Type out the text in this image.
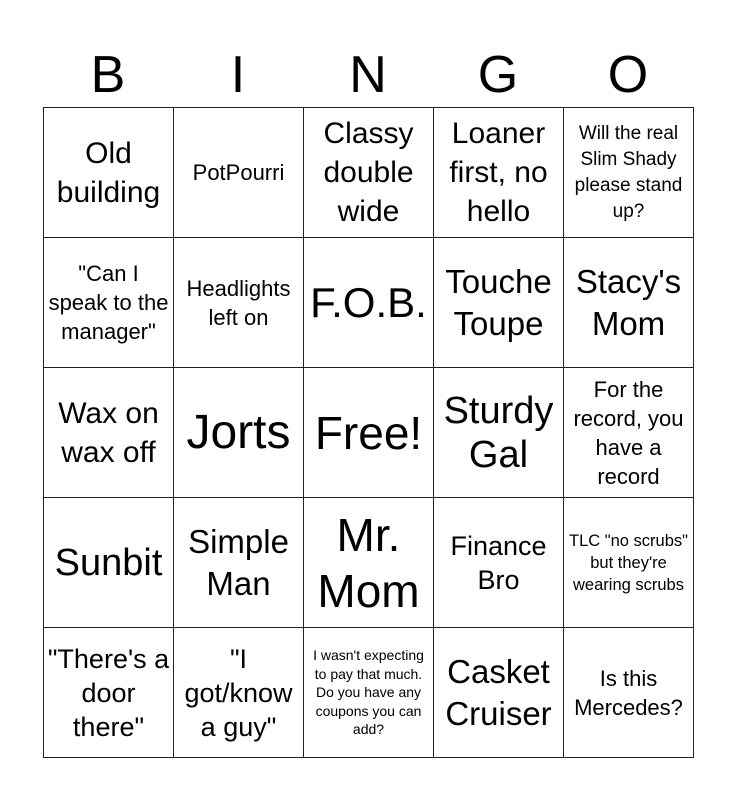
B	I	N	G	O
Old building	PotPourri	Classy double wide	Loaner first, no hello	Will the real Slim Shady please stand up?

"Can I speak to the manager"	Headlights left on	F.O.B.	Touche Toupe	Stacy's Mom

Wax on wax off	Jorts	Free!	Sturdy Gal	For the record, you have a record

Sunbit	Simple Man	Mr. Mom	Finance Bro	TLC "no scrubs" but they're wearing scrubs

"There's a door there"	"I got/know a guy"	I wasn't expecting to pay that much. Do you have any coupons you can add?	Casket Cruiser	Is this Mercedes?
